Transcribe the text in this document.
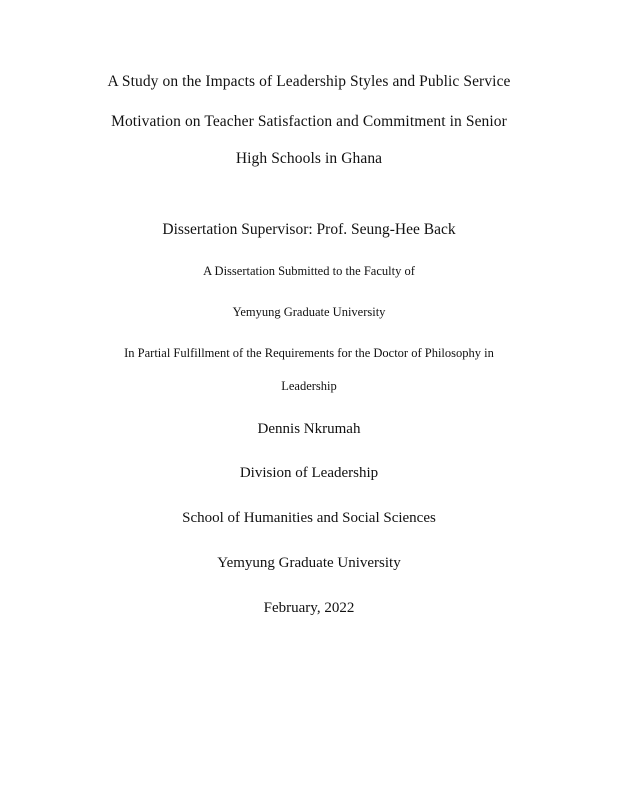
A Study on the Impacts of Leadership Styles and Public Service
Motivation on Teacher Satisfaction and Commitment in Senior
High Schools in Ghana
Dissertation Supervisor: Prof. Seung-Hee Back
A Dissertation Submitted to the Faculty of
Yemyung Graduate University
In Partial Fulfillment of the Requirements for the Doctor of Philosophy in
Leadership
Dennis Nkrumah
Division of Leadership
School of Humanities and Social Sciences
Yemyung Graduate University
February, 2022
